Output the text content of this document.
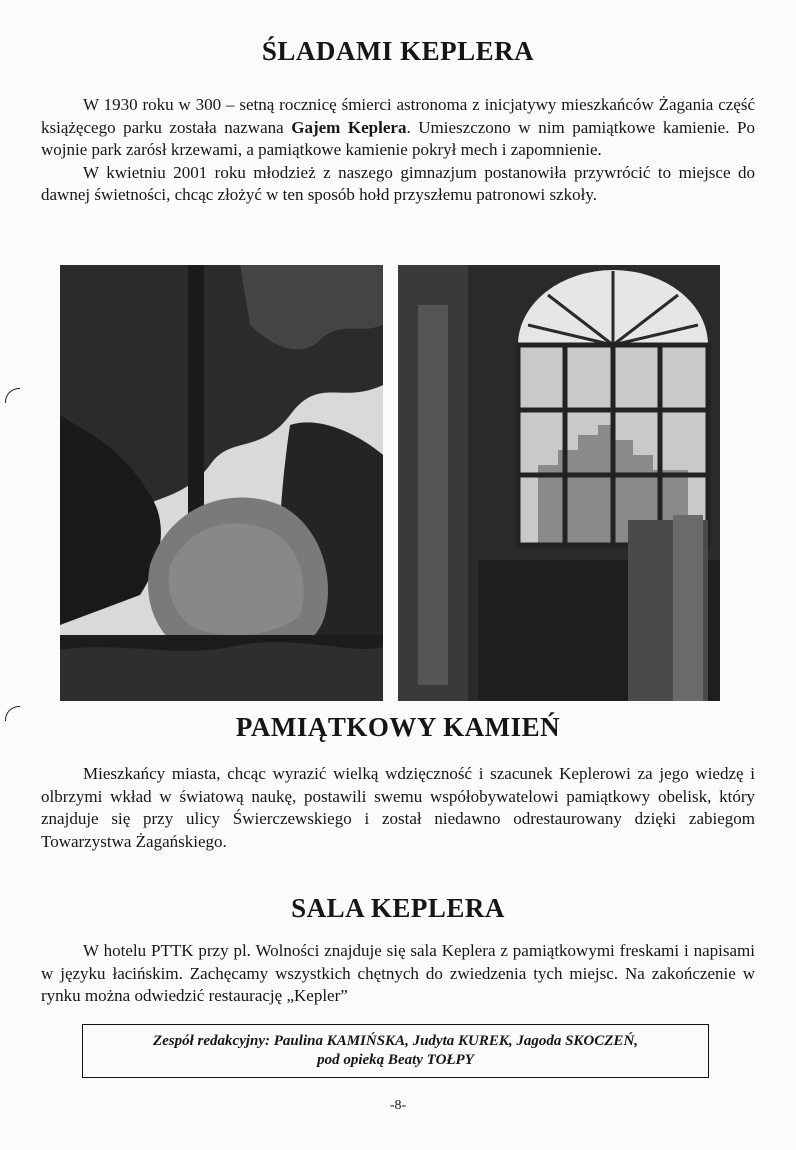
ŚLADAMI KEPLERA

W 1930 roku w 300 – setną rocznicę śmierci astronoma z inicjatywy mieszkańców Żagania część książęcego parku została nazwana Gajem Keplera. Umieszczono w nim pamiątkowe kamienie. Po wojnie park zarósł krzewami, a pamiątkowe kamienie pokrył mech i zapomnienie.

W kwietniu 2001 roku młodzież z naszego gimnazjum postanowiła przywrócić to miejsce do dawnej świetności, chcąc złożyć w ten sposób hołd przyszłemu patronowi szkoły.

PAMIĄTKOWY KAMIEŃ

Mieszkańcy miasta, chcąc wyrazić wielką wdzięczność i szacunek Keplerowi za jego wiedzę i olbrzymi wkład w światową naukę, postawili swemu współobywatelowi pamiątkowy obelisk, który znajduje się przy ulicy Świerczewskiego i został niedawno odrestaurowany dzięki zabiegom Towarzystwa Żagańskiego.

SALA KEPLERA

W hotelu PTTK przy pl. Wolności znajduje się sala Keplera z pamiątkowymi freskami i napisami w języku łacińskim. Zachęcamy wszystkich chętnych do zwiedzenia tych miejsc. Na zakończenie w rynku można odwiedzić restaurację „Kepler”

Zespół redakcyjny: Paulina KAMIŃSKA, Judyta KUREK, Jagoda SKOCZEŃ,
pod opieką Beaty TOŁPY
-8-
